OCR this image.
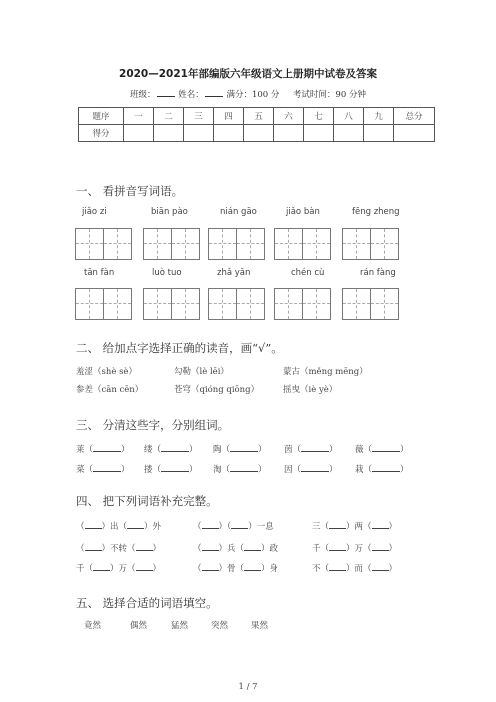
2020—2021年部编版六年级语文上册期中试卷及答案
班级：	姓名：	满分：100 分 考试时间：90 分钟
题序	一	二	三	四	五	六	七	八	九	总分
得分										
一、 看拼音写词语。
jiǎo zi	biān pào	nián gāo	jiǎo bàn	fēng zheng
tān fàn	luò tuo	zhǎ yǎn	chén cù	rán fàng
二、 给加点字选择正确的读音，画“√”。
羞涩（shè sè）	勾勒（lè lēi）	蒙古（měng mēng）
参差（cān cēn）	苍穹（qióng qiōng）	摇曳（iè yè）
三、 分清这些字，分别组词。
莱（	） 缕（	） 陶（	） 茵（	） 薇（	）
菜（	） 搂（	） 淘（	） 因（	） 栽（	）
四、 把下列词语补充完整。
（ ）出（ ）外	（ ）（ ）一息	三（ ）两（ ）
（ ）不转（ ）	（ ）兵（ ）政	千（ ）万（ ）
千（ ）万（ ）	（ ）骨（ ）身	不（ ）而（ ）
五、 选择合适的词语填空。
竟然	偶然	猛然	突然	果然
1 / 7
